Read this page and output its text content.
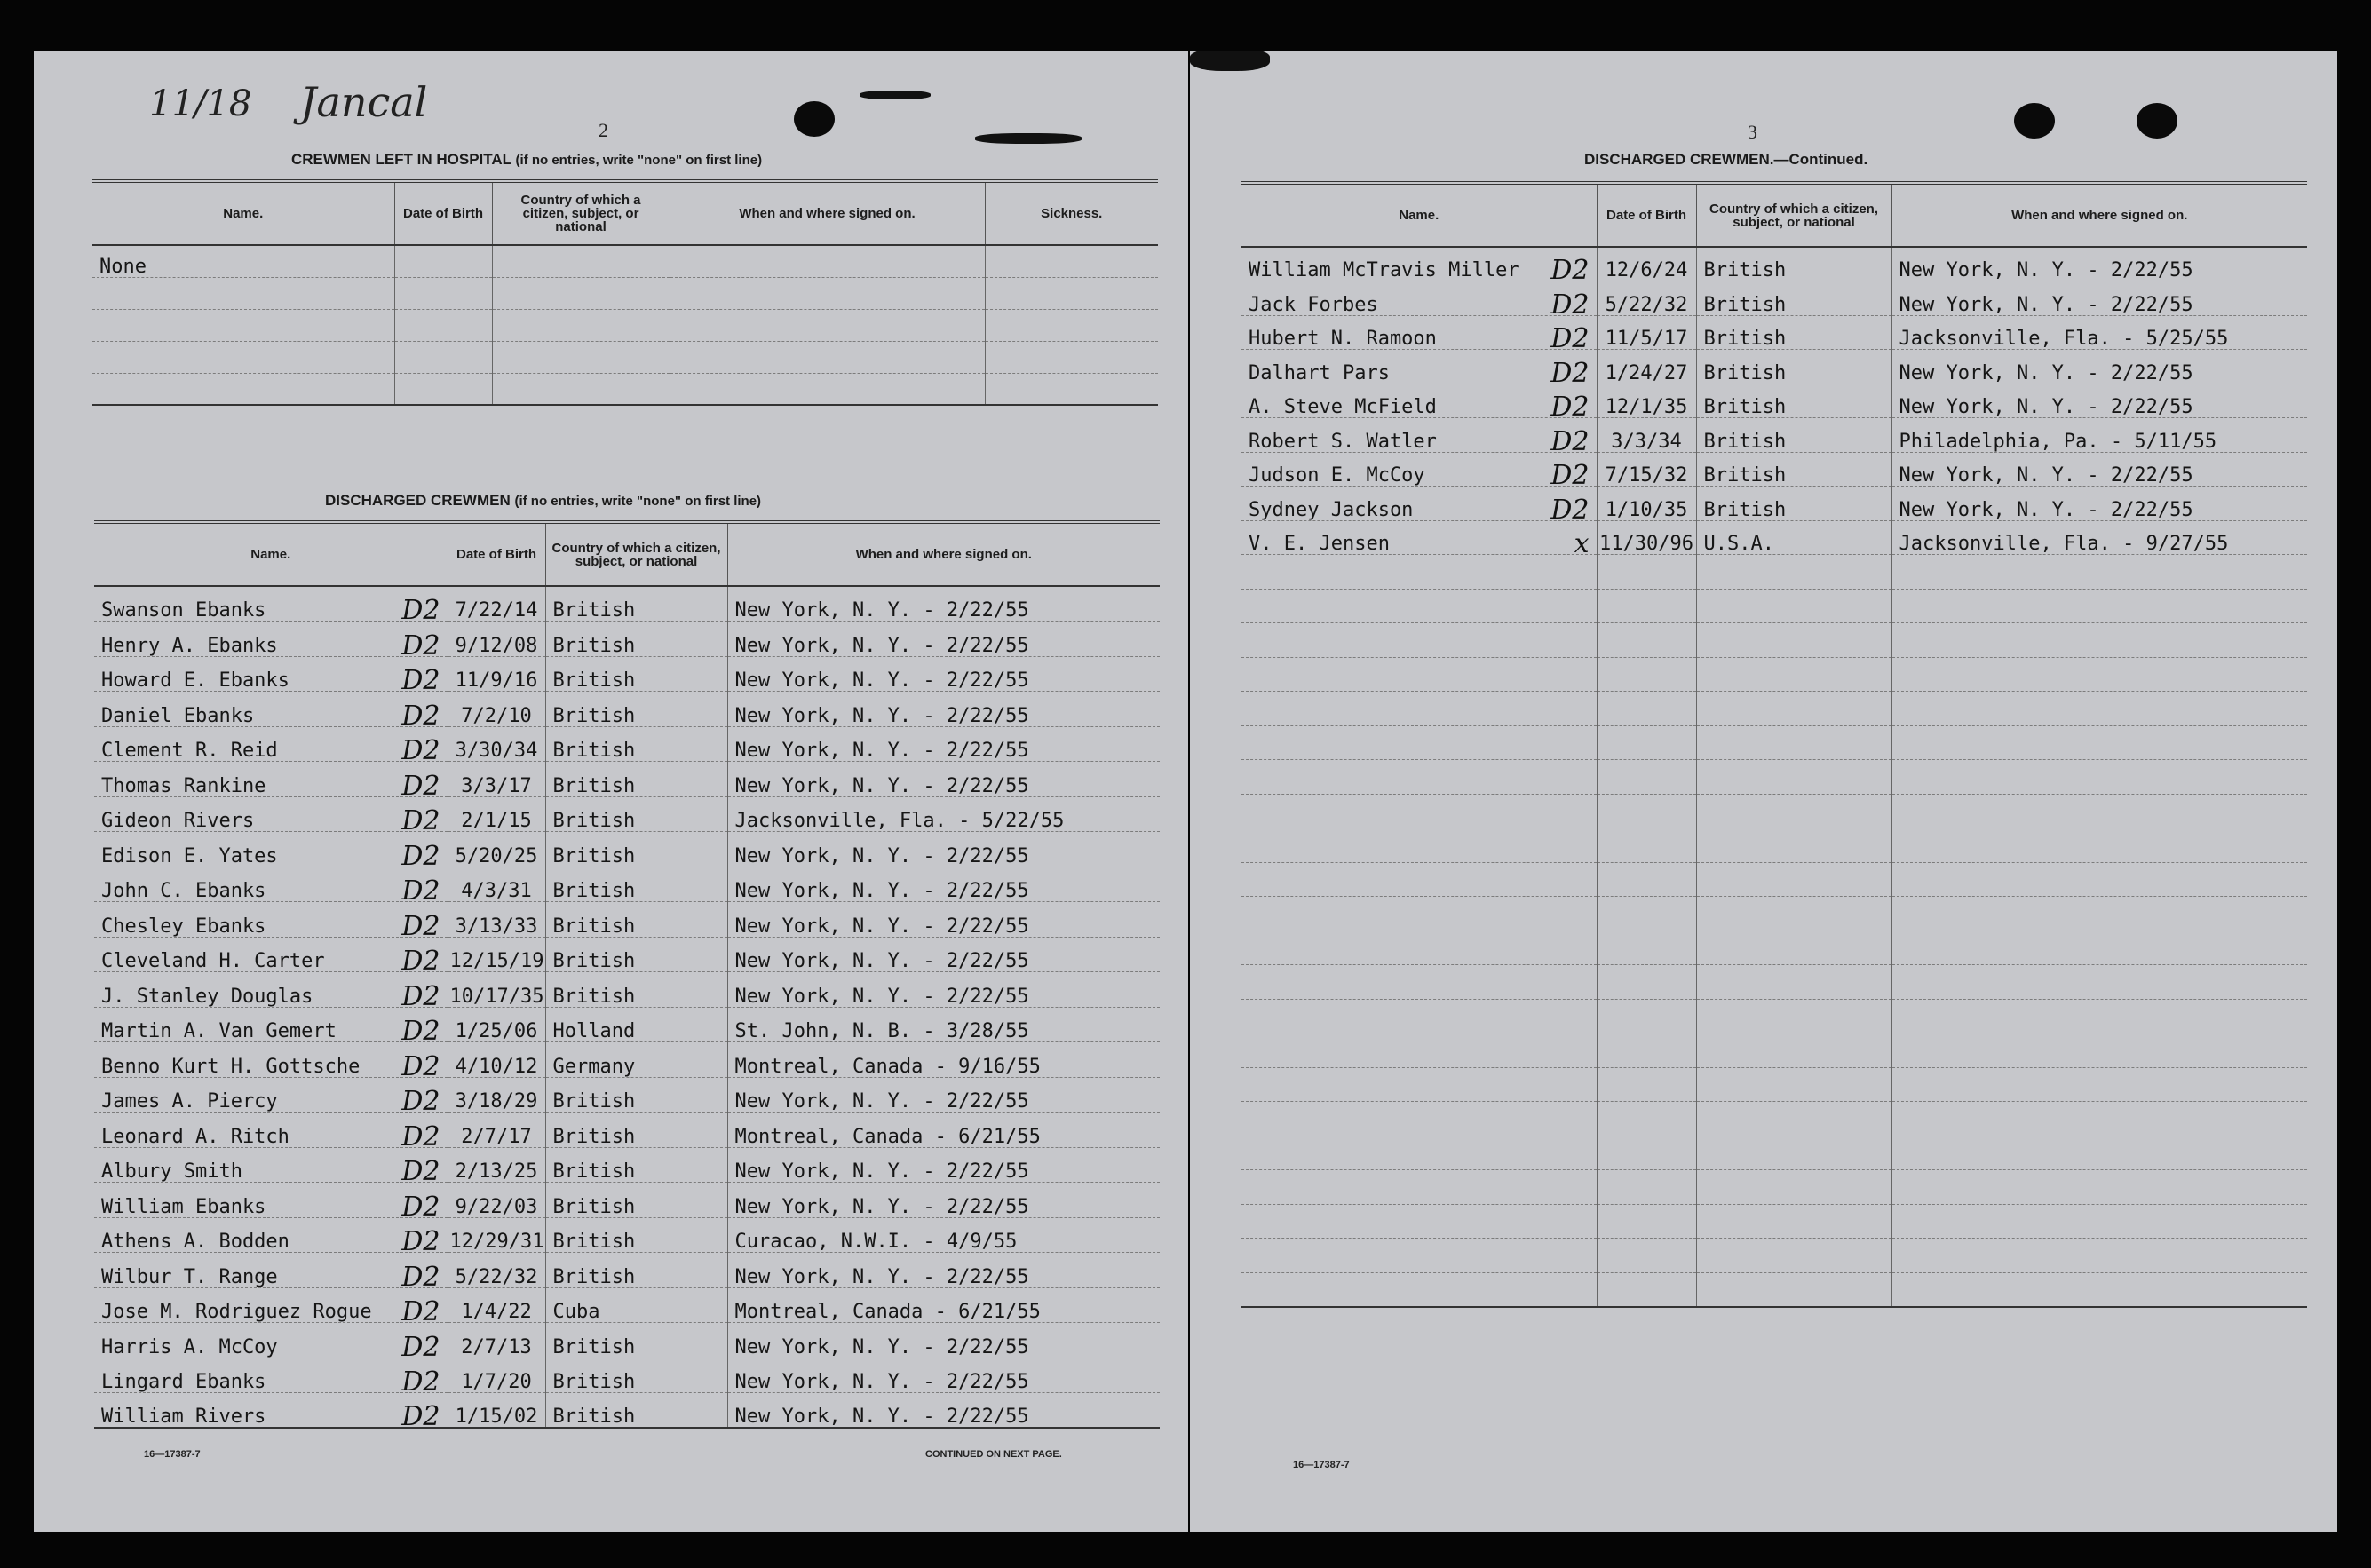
11/18 Jancal
2
CREWMEN LEFT IN HOSPITAL (if no entries, write "none" on first line)
Name.	Date of Birth	Country of which a citizen, subject, or national	When and where signed on.	Sickness.
None				

DISCHARGED CREWMEN (if no entries, write "none" on first line)
Name.	Date of Birth	Country of which a citizen, subject, or national	When and where signed on.
Swanson Ebanks D2	7/22/14	British	New York, N. Y. - 2/22/55
Henry A. Ebanks D2	9/12/08	British	New York, N. Y. - 2/22/55
Howard E. Ebanks D2	11/9/16	British	New York, N. Y. - 2/22/55
Daniel Ebanks D2	7/2/10	British	New York, N. Y. - 2/22/55
Clement R. Reid D2	3/30/34	British	New York, N. Y. - 2/22/55
Thomas Rankine D2	3/3/17	British	New York, N. Y. - 2/22/55
Gideon Rivers D2	2/1/15	British	Jacksonville, Fla. - 5/22/55
Edison E. Yates D2	5/20/25	British	New York, N. Y. - 2/22/55
John C. Ebanks D2	4/3/31	British	New York, N. Y. - 2/22/55
Chesley Ebanks D2	3/13/33	British	New York, N. Y. - 2/22/55
Cleveland H. Carter D2	12/15/19	British	New York, N. Y. - 2/22/55
J. Stanley Douglas D2	10/17/35	British	New York, N. Y. - 2/22/55
Martin A. Van Gemert D2	1/25/06	Holland	St. John, N. B. - 3/28/55
Benno Kurt H. Gottsche D2	4/10/12	Germany	Montreal, Canada - 9/16/55
James A. Piercy D2	3/18/29	British	New York, N. Y. - 2/22/55
Leonard A. Ritch D2	2/7/17	British	Montreal, Canada - 6/21/55
Albury Smith D2	2/13/25	British	New York, N. Y. - 2/22/55
William Ebanks D2	9/22/03	British	New York, N. Y. - 2/22/55
Athens A. Bodden D2	12/29/31	British	Curacao, N.W.I. - 4/9/55
Wilbur T. Range D2	5/22/32	British	New York, N. Y. - 2/22/55
Jose M. Rodriguez Rogue D2	1/4/22	Cuba	Montreal, Canada - 6/21/55
Harris A. McCoy D2	2/7/13	British	New York, N. Y. - 2/22/55
Lingard Ebanks D2	1/7/20	British	New York, N. Y. - 2/22/55
William Rivers D2	1/15/02	British	New York, N. Y. - 2/22/55
16—17387-7	CONTINUED ON NEXT PAGE.
3
DISCHARGED CREWMEN.—Continued.
Name.	Date of Birth	Country of which a citizen, subject, or national	When and where signed on.
William McTravis Miller D2	12/6/24	British	New York, N. Y. - 2/22/55
Jack Forbes D2	5/22/32	British	New York, N. Y. - 2/22/55
Hubert N. Ramoon D2	11/5/17	British	Jacksonville, Fla. - 5/25/55
Dalhart Pars D2	1/24/27	British	New York, N. Y. - 2/22/55
A. Steve McField D2	12/1/35	British	New York, N. Y. - 2/22/55
Robert S. Watler D2	3/3/34	British	Philadelphia, Pa. - 5/11/55
Judson E. McCoy D2	7/15/32	British	New York, N. Y. - 2/22/55
Sydney Jackson D2	1/10/35	British	New York, N. Y. - 2/22/55
V. E. Jensen x	11/30/96	U.S.A.	Jacksonville, Fla. - 9/27/55

16—17387-7
